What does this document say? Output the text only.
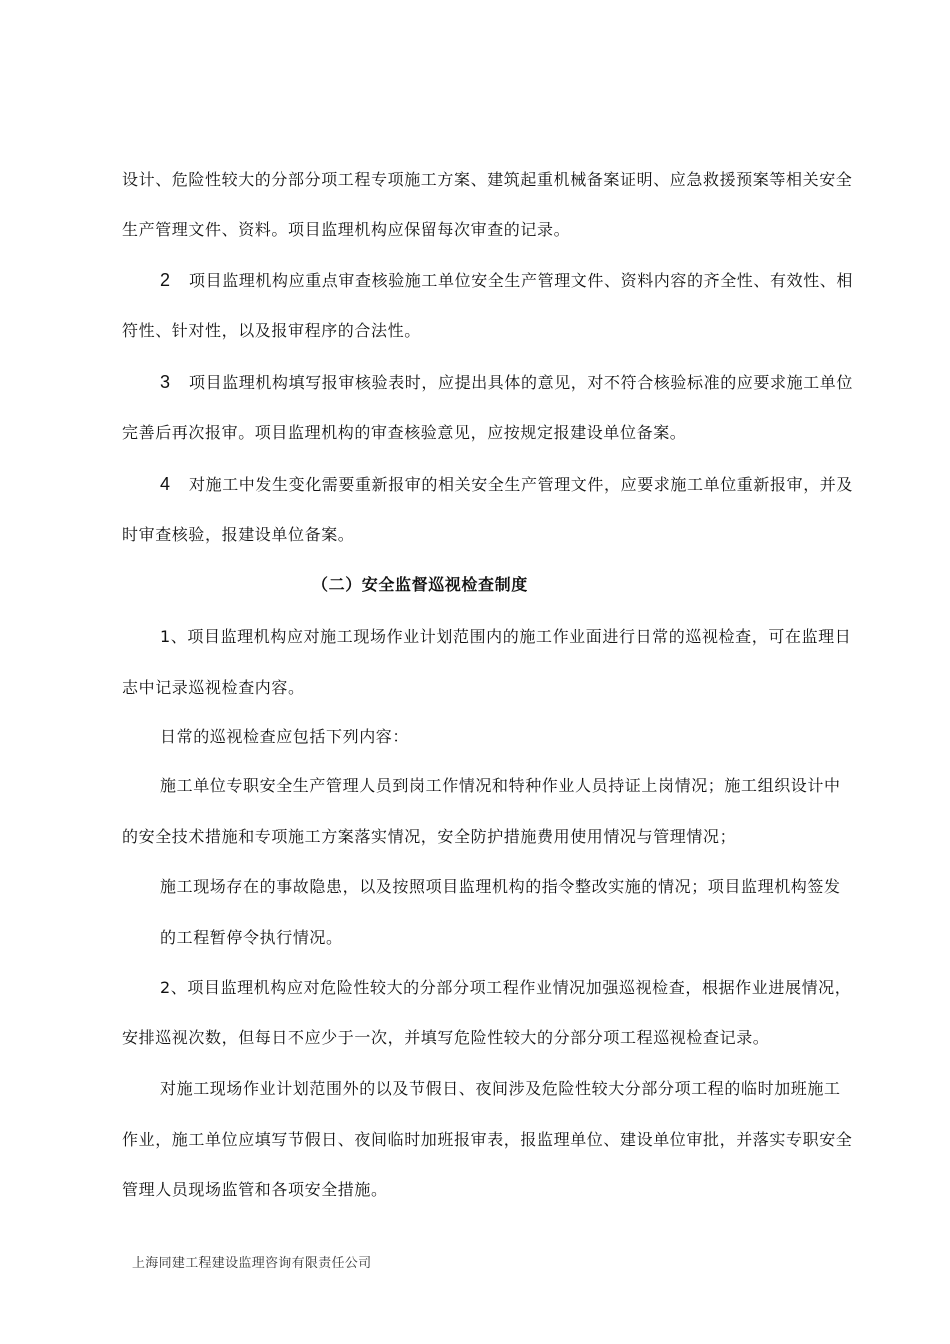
设计、危险性较大的分部分项工程专项施工方案、建筑起重机械备案证明、应急救援预案等相关安全
生产管理文件、资料。项目监理机构应保留每次审查的记录。
2 项目监理机构应重点审查核验施工单位安全生产管理文件、资料内容的齐全性、有效性、相
符性、针对性，以及报审程序的合法性。
3 项目监理机构填写报审核验表时，应提出具体的意见，对不符合核验标准的应要求施工单位
完善后再次报审。项目监理机构的审查核验意见，应按规定报建设单位备案。
4 对施工中发生变化需要重新报审的相关安全生产管理文件，应要求施工单位重新报审，并及
时审查核验，报建设单位备案。
（二）安全监督巡视检查制度
1、项目监理机构应对施工现场作业计划范围内的施工作业面进行日常的巡视检查，可在监理日
志中记录巡视检查内容。
日常的巡视检查应包括下列内容：
施工单位专职安全生产管理人员到岗工作情况和特种作业人员持证上岗情况；施工组织设计中
的安全技术措施和专项施工方案落实情况，安全防护措施费用使用情况与管理情况；
施工现场存在的事故隐患，以及按照项目监理机构的指令整改实施的情况；项目监理机构签发
的工程暂停令执行情况。
2、项目监理机构应对危险性较大的分部分项工程作业情况加强巡视检查，根据作业进展情况，
安排巡视次数，但每日不应少于一次，并填写危险性较大的分部分项工程巡视检查记录。
对施工现场作业计划范围外的以及节假日、夜间涉及危险性较大分部分项工程的临时加班施工
作业，施工单位应填写节假日、夜间临时加班报审表，报监理单位、建设单位审批，并落实专职安全
管理人员现场监管和各项安全措施。
上海同建工程建设监理咨询有限责任公司
